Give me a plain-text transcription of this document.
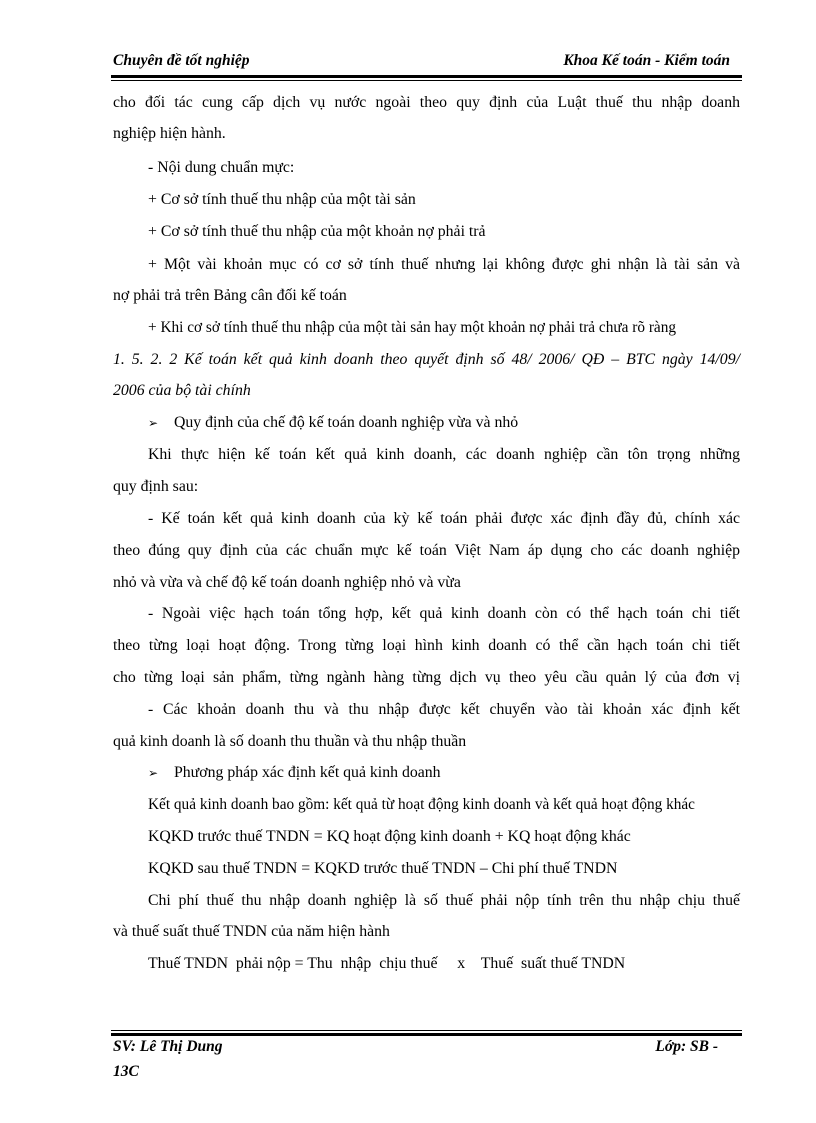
Chuyên đề tốt nghiệp	Khoa Kế toán - Kiểm toán
cho đối tác cung cấp dịch vụ nước ngoài theo quy định của Luật thuế thu nhập doanh
nghiệp hiện hành.
- Nội dung chuẩn mực:
+ Cơ sở tính thuế thu nhập của một tài sản
+ Cơ sở tính thuế thu nhập của một khoản nợ phải trả
+ Một vài khoản mục có cơ sở tính thuế nhưng lại không được ghi nhận là tài sản và
nợ phải trả trên Bảng cân đối kế toán
+ Khi cơ sở tính thuế thu nhập của một tài sản hay một khoản nợ phải trả chưa rõ ràng
1. 5. 2. 2 Kế toán kết quả kinh doanh theo quyết định số 48/ 2006/ QĐ – BTC ngày 14/09/
2006 của bộ tài chính
➢ Quy định của chế độ kế toán doanh nghiệp vừa và nhỏ
Khi thực hiện kế toán kết quả kinh doanh, các doanh nghiệp cần tôn trọng những
quy định sau:
- Kế toán kết quả kinh doanh của kỳ kế toán phải được xác định đầy đủ, chính xác
theo đúng quy định của các chuẩn mực kế toán Việt Nam áp dụng cho các doanh nghiệp
nhỏ và vừa và chế độ kế toán doanh nghiệp nhỏ và vừa
- Ngoài việc hạch toán tổng hợp, kết quả kinh doanh còn có thể hạch toán chi tiết
theo từng loại hoạt động. Trong từng loại hình kinh doanh có thể cần hạch toán chi tiết
cho từng loại sản phẩm, từng ngành hàng từng dịch vụ theo yêu cầu quản lý của đơn vị
- Các khoản doanh thu và thu nhập được kết chuyển vào tài khoản xác định kết
quả kinh doanh là số doanh thu thuần và thu nhập thuần
➢ Phương pháp xác định kết quả kinh doanh
Kết quả kinh doanh bao gồm: kết quả từ hoạt động kinh doanh và kết quả hoạt động khác
KQKD trước thuế TNDN = KQ hoạt động kinh doanh + KQ hoạt động khác
KQKD sau thuế TNDN = KQKD trước thuế TNDN – Chi phí thuế TNDN
Chi phí thuế thu nhập doanh nghiệp là số thuế phải nộp tính trên thu nhập chịu thuế
và thuế suất thuế TNDN của năm hiện hành
Thuế TNDN  phải nộp = Thu  nhập  chịu thuế     x    Thuế  suất thuế TNDN
SV: Lê Thị Dung	Lớp: SB -
13C
